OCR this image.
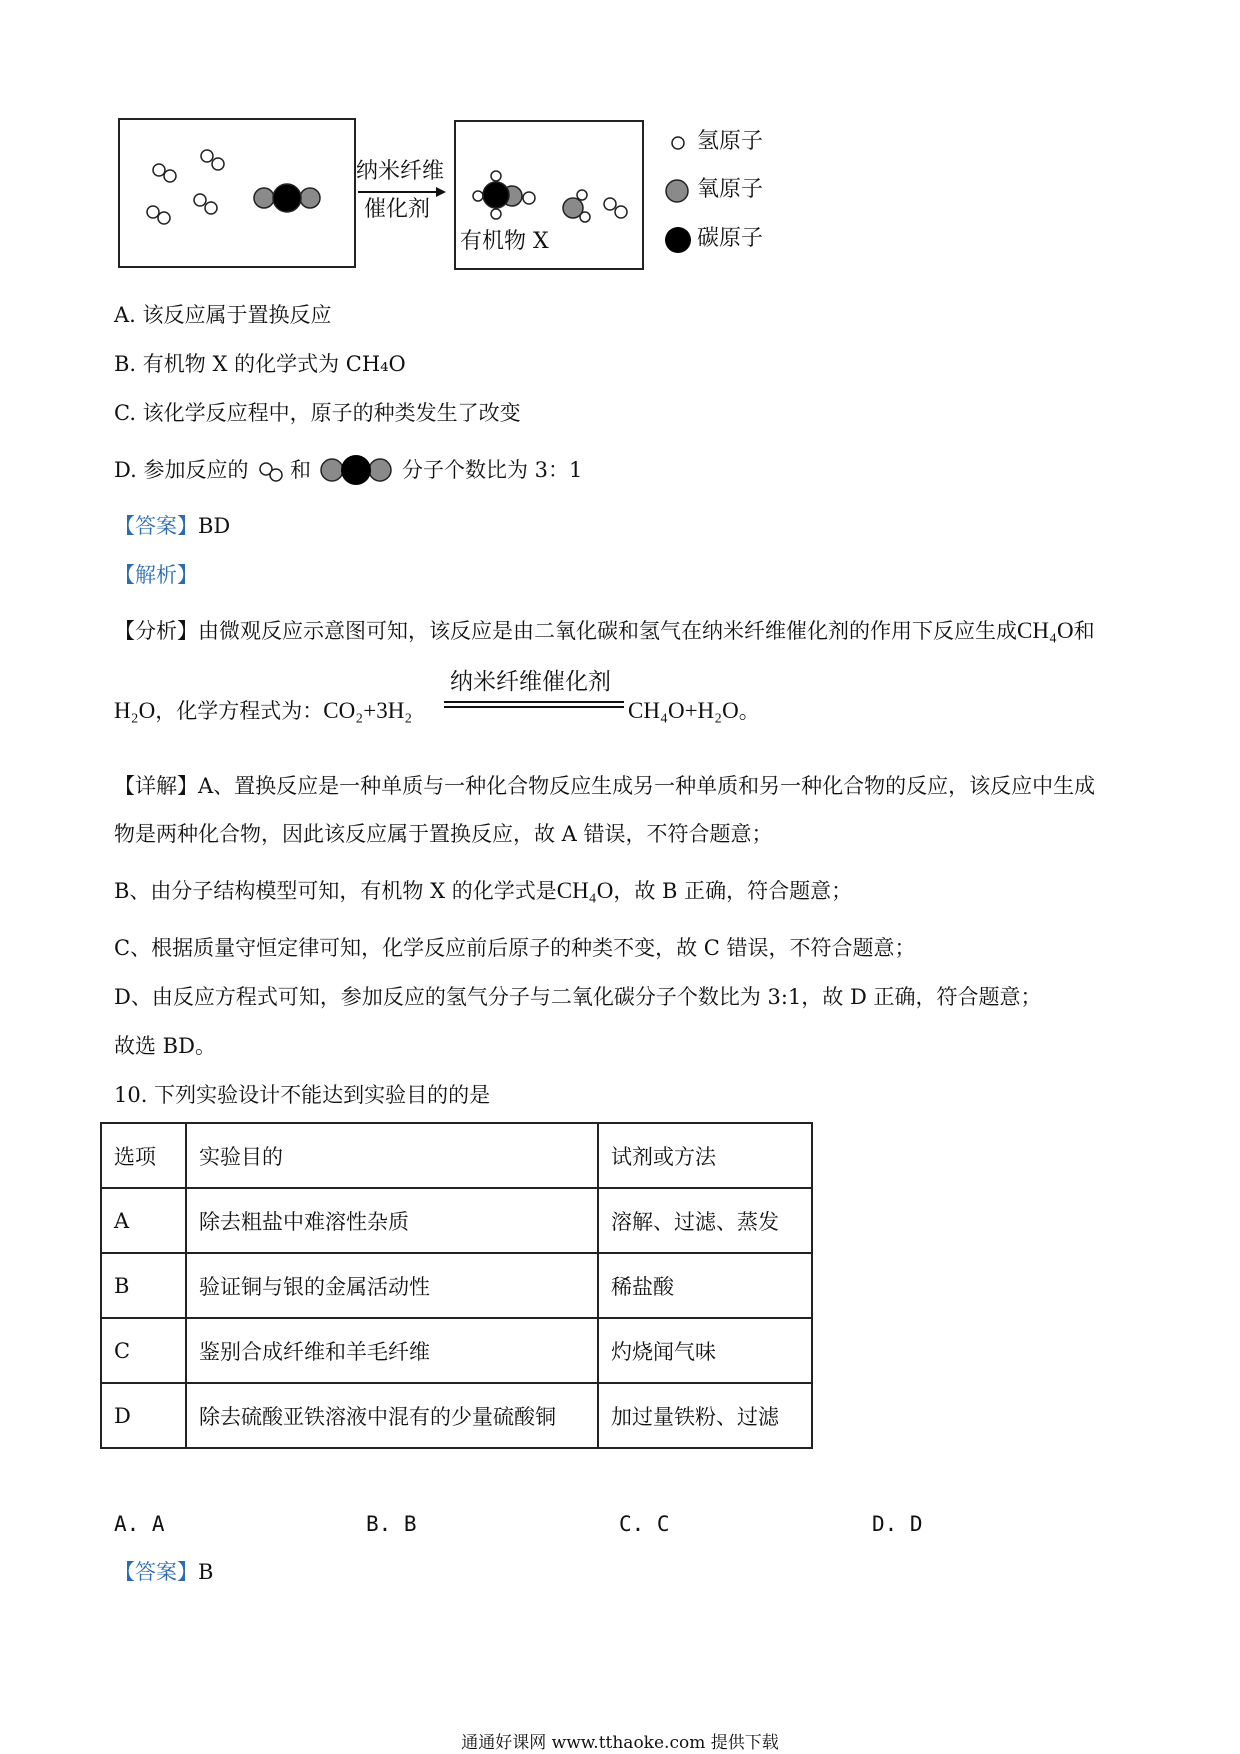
纳米纤维
催化剂
有机物 X
氢原子
氧原子
碳原子
A. 该反应属于置换反应
B. 有机物 X 的化学式为 CH₄O
C. 该化学反应程中，原子的种类发生了改变
D. 参加反应的 和	分子个数比为 3：1
【答案】BD
【解析】
【分析】由微观反应示意图可知，该反应是由二氧化碳和氢气在纳米纤维催化剂的作用下反应生成CH₄O和
H₂O，化学方程式为：CO₂+3H₂
纳米纤维催化剂
CH₄O+H₂O。
【详解】A、置换反应是一种单质与一种化合物反应生成另一种单质和另一种化合物的反应，该反应中生成
物是两种化合物，因此该反应属于置换反应，故 A 错误，不符合题意；
B、由分子结构模型可知，有机物 X 的化学式是CH₄O，故 B 正确，符合题意；
C、根据质量守恒定律可知，化学反应前后原子的种类不变，故 C 错误，不符合题意；
D、由反应方程式可知，参加反应的氢气分子与二氧化碳分子个数比为 3:1，故 D 正确，符合题意；
故选 BD。
10. 下列实验设计不能达到实验目的的是
选项	实验目的	试剂或方法
A	除去粗盐中难溶性杂质	溶解、过滤、蒸发
B	验证铜与银的金属活动性	稀盐酸
C	鉴别合成纤维和羊毛纤维	灼烧闻气味
D	除去硫酸亚铁溶液中混有的少量硫酸铜	加过量铁粉、过滤
A. A	B. B	C. C	D. D
【答案】B
通通好课网 www.tthaoke.com 提供下载
